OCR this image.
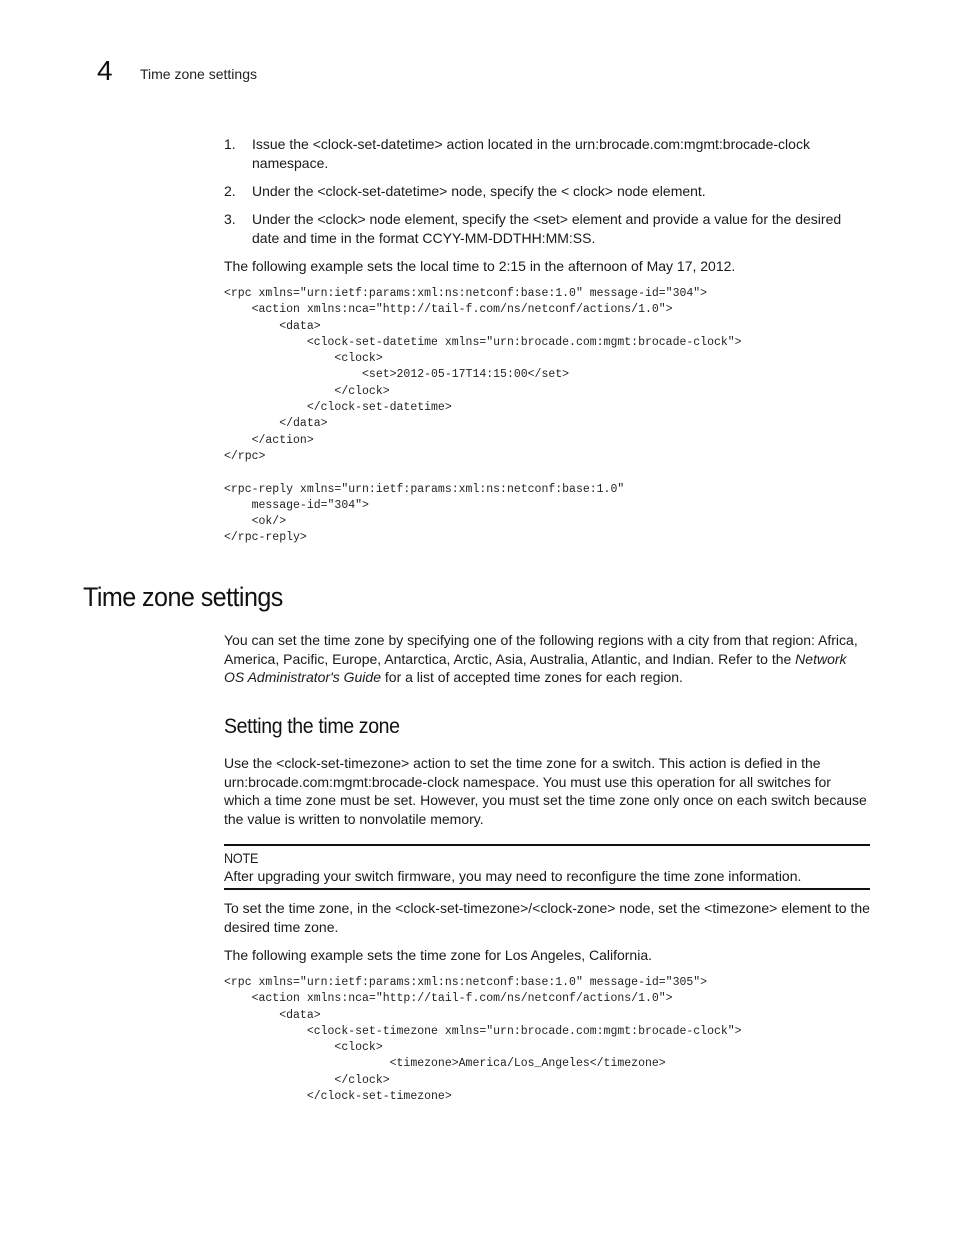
4 Time zone settings
1. Issue the <clock-set-datetime> action located in the urn:brocade.com:mgmt:brocade-clock namespace.
2. Under the <clock-set-datetime> node, specify the < clock> node element.
3. Under the <clock> node element, specify the <set> element and provide a value for the desired date and time in the format CCYY-MM-DDTHH:MM:SS.

The following example sets the local time to 2:15 in the afternoon of May 17, 2012.

<rpc xmlns="urn:ietf:params:xml:ns:netconf:base:1.0" message-id="304">
<action xmlns:nca="http://tail-f.com/ns/netconf/actions/1.0">
<data>
<clock-set-datetime xmlns="urn:brocade.com:mgmt:brocade-clock">
<clock>
<set>2012-05-17T14:15:00</set>
</clock>
</clock-set-datetime>
</data>
</action>
</rpc>

<rpc-reply xmlns="urn:ietf:params:xml:ns:netconf:base:1.0"
message-id="304">
<ok/>
</rpc-reply>
Time zone settings

You can set the time zone by specifying one of the following regions with a city from that region: Africa, America, Pacific, Europe, Antarctica, Arctic, Asia, Australia, Atlantic, and Indian. Refer to the Network OS Administrator's Guide for a list of accepted time zones for each region.

Setting the time zone

Use the <clock-set-timezone> action to set the time zone for a switch. This action is defied in the urn:brocade.com:mgmt:brocade-clock namespace. You must use this operation for all switches for which a time zone must be set. However, you must set the time zone only once on each switch because the value is written to nonvolatile memory.

NOTE
After upgrading your switch firmware, you may need to reconfigure the time zone information.

To set the time zone, in the <clock-set-timezone>/<clock-zone> node, set the <timezone> element to the desired time zone.

The following example sets the time zone for Los Angeles, California.

<rpc xmlns="urn:ietf:params:xml:ns:netconf:base:1.0" message-id="305">
<action xmlns:nca="http://tail-f.com/ns/netconf/actions/1.0">
<data>
<clock-set-timezone xmlns="urn:brocade.com:mgmt:brocade-clock">
<clock>
<timezone>America/Los_Angeles</timezone>
</clock>
</clock-set-timezone>
